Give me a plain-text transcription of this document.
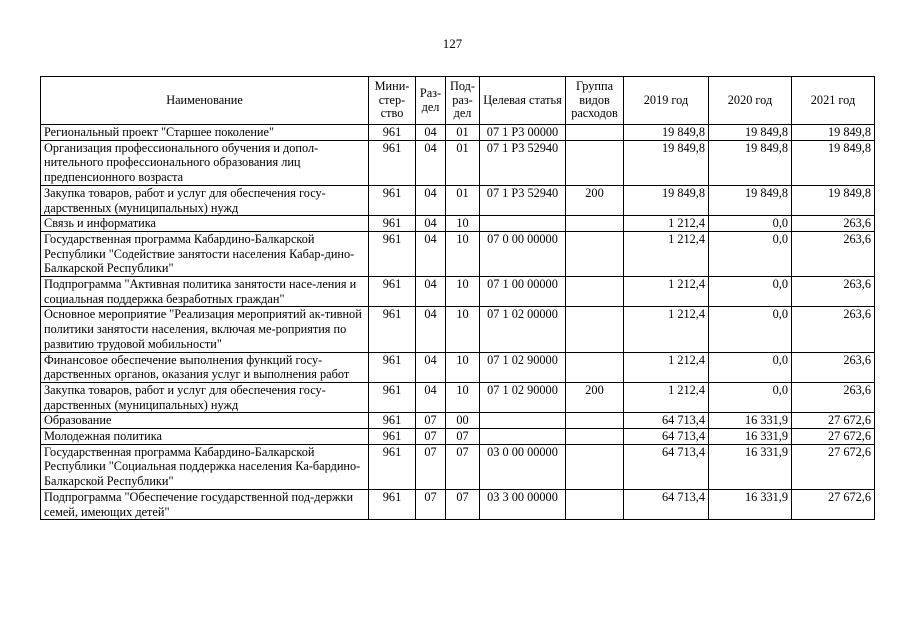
127
Наименование	Мини-стер-ство	Раз-дел	Под-раз-дел	Целевая статья	Группа видов расходов	2019 год	2020 год	2021 год
Региональный проект "Старшее поколение"	961	04	01	07 1 P3 00000		19 849,8	19 849,8	19 849,8
Организация профессионального обучения и допол-нительного профессионального образования лиц предпенсионного возраста	961	04	01	07 1 P3 52940		19 849,8	19 849,8	19 849,8
Закупка товаров, работ и услуг для обеспечения госу-дарственных (муниципальных) нужд	961	04	01	07 1 P3 52940	200	19 849,8	19 849,8	19 849,8
Связь и информатика	961	04	10			1 212,4	0,0	263,6
Государственная программа Кабардино-Балкарской Республики "Содействие занятости населения Кабар-дино-Балкарской Республики"	961	04	10	07 0 00 00000		1 212,4	0,0	263,6
Подпрограмма "Активная политика занятости насе-ления и социальная поддержка безработных граждан"	961	04	10	07 1 00 00000		1 212,4	0,0	263,6
Основное мероприятие "Реализация мероприятий ак-тивной политики занятости населения, включая ме-роприятия по развитию трудовой мобильности"	961	04	10	07 1 02 00000		1 212,4	0,0	263,6
Финансовое обеспечение выполнения функций госу-дарственных органов, оказания услуг и выполнения работ	961	04	10	07 1 02 90000		1 212,4	0,0	263,6
Закупка товаров, работ и услуг для обеспечения госу-дарственных (муниципальных) нужд	961	04	10	07 1 02 90000	200	1 212,4	0,0	263,6
Образование	961	07	00			64 713,4	16 331,9	27 672,6
Молодежная политика	961	07	07			64 713,4	16 331,9	27 672,6
Государственная программа Кабардино-Балкарской Республики "Социальная поддержка населения Ка-бардино-Балкарской Республики"	961	07	07	03 0 00 00000		64 713,4	16 331,9	27 672,6
Подпрограмма "Обеспечение государственной под-держки семей, имеющих детей"	961	07	07	03 3 00 00000		64 713,4	16 331,9	27 672,6
